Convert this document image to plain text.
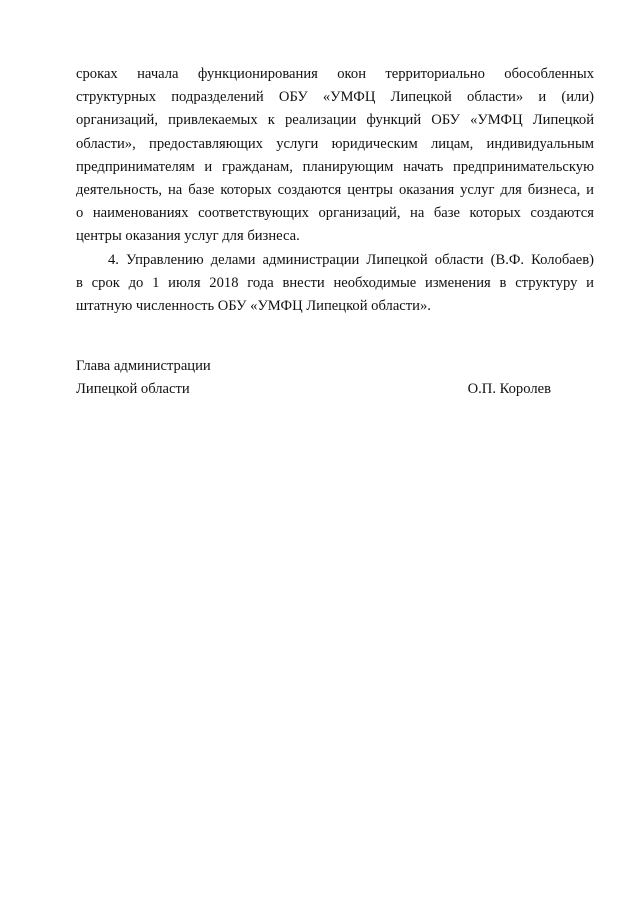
сроках начала функционирования окон территориально обособленных
структурных подразделений ОБУ «УМФЦ Липецкой области» и (или)
организаций, привлекаемых к реализации функций ОБУ «УМФЦ Липецкой
области», предоставляющих услуги юридическим лицам, индивидуальным
предпринимателям и гражданам, планирующим начать предпринимательскую
деятельность, на базе которых создаются центры оказания услуг для бизнеса, и
о наименованиях соответствующих организаций, на базе которых создаются
центры оказания услуг для бизнеса.
4. Управлению делами администрации Липецкой области (В.Ф. Колобаев)
в срок до 1 июля 2018 года внести необходимые изменения в структуру и
штатную численность ОБУ «УМФЦ Липецкой области».
Глава администрации
Липецкой области	О.П. Королев
